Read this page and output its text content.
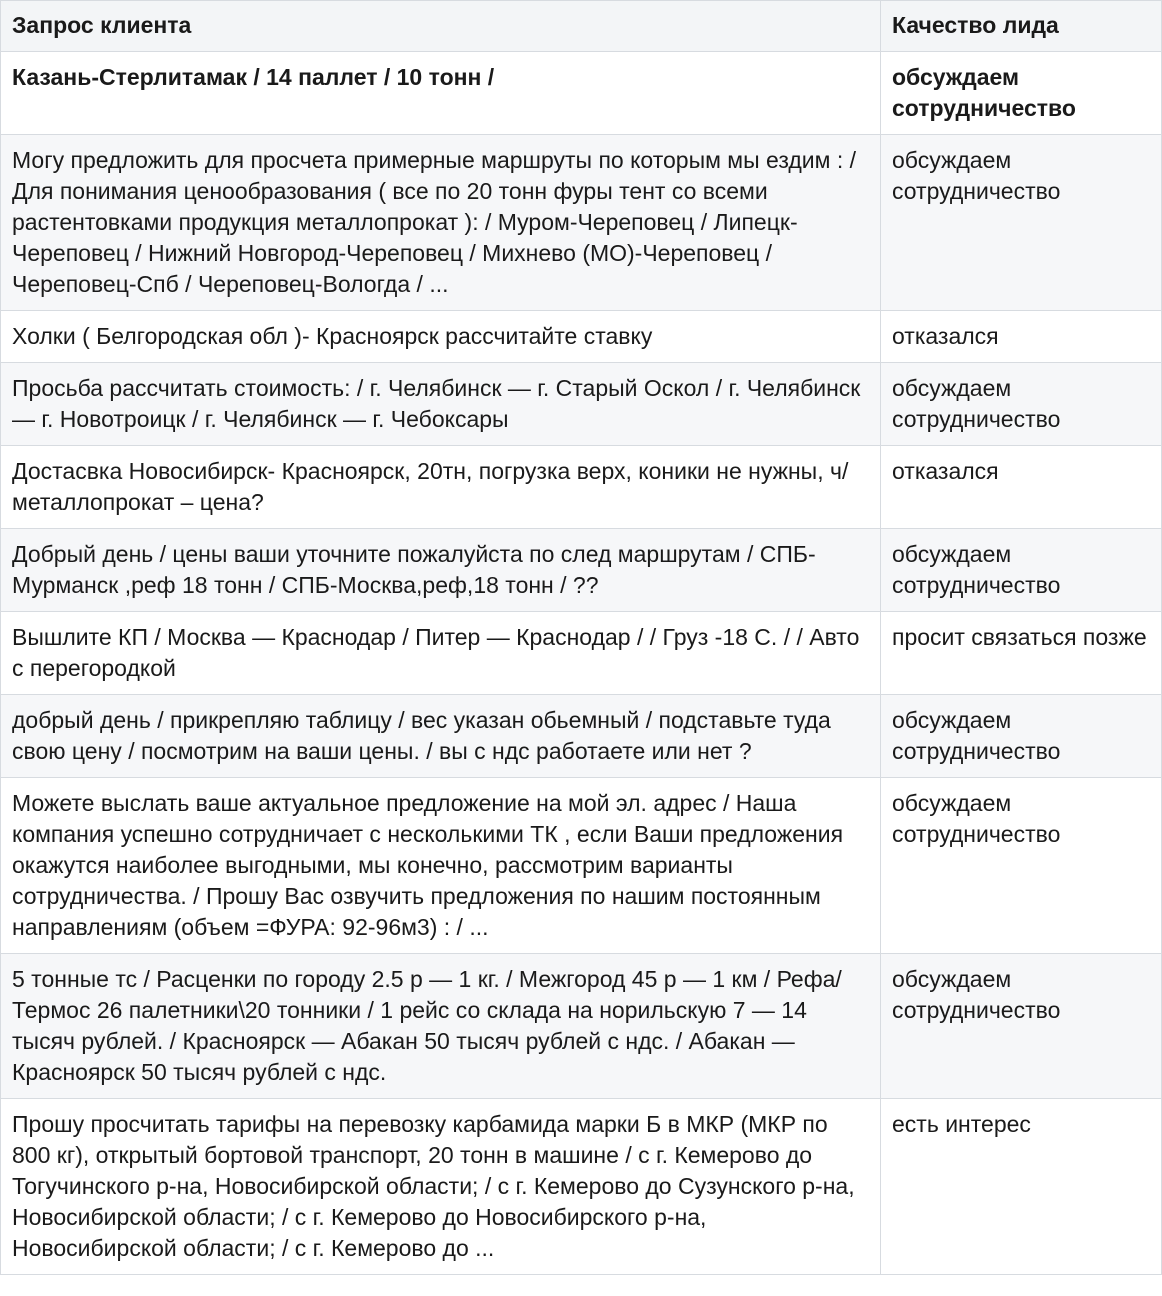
Запрос клиента	Качество лида
Казань-Стерлитамак / 14 паллет / 10 тонн /	обсуждаем сотрудничество
Могу предложить для просчета примерные маршруты по которым мы ездим : / Для понимания ценообразования ( все по 20 тонн фуры тент со всеми растентовками продукция металлопрокат ): / Муром-Череповец / Липецк-Череповец / Нижний Новгород-Череповец / Михнево (МО)-Череповец / Череповец-Спб / Череповец-Вологда / ...	обсуждаем сотрудничество
Холки ( Белгородская обл )- Красноярск рассчитайте ставку	отказался
Просьба рассчитать стоимость: / г. Челябинск — г. Старый Оскол / г. Челябинск — г. Новотроицк / г. Челябинск — г. Чебоксары	обсуждаем сотрудничество
Достасвка Новосибирск- Красноярск, 20тн, погрузка верх, коники не нужны, ч/металлопрокат – цена?	отказался
Добрый день / цены ваши уточните пожалуйста по след маршрутам / СПБ-Мурманск ,реф 18 тонн / СПБ-Москва,реф,18 тонн / ??	обсуждаем сотрудничество
Вышлите КП / Москва — Краснодар / Питер — Краснодар / / Груз -18 С. / / Авто с перегородкой	просит связаться позже
добрый день / прикрепляю таблицу / вес указан обьемный / подставьте туда свою цену / посмотрим на ваши цены. / вы с ндс работаете или нет ?	обсуждаем сотрудничество
Можете выслать ваше актуальное предложение на мой эл. адрес / Наша компания успешно сотрудничает с несколькими ТК , если Ваши предложения окажутся наиболее выгодными, мы конечно, рассмотрим варианты сотрудничества. / Прошу Вас озвучить предложения по нашим постоянным направлениям (объем =ФУРА: 92-96м3) : / ...	обсуждаем сотрудничество
5 тонные тс / Расценки по городу 2.5 р — 1 кг. / Межгород 45 р — 1 км / Рефа/Термос 26 палетники\20 тонники / 1 рейс со склада на норильскую 7 — 14 тысяч рублей. / Красноярск — Абакан 50 тысяч рублей с ндс. / Абакан — Красноярск 50 тысяч рублей с ндс.	обсуждаем сотрудничество
Прошу просчитать тарифы на перевозку карбамида марки Б в МКР (МКР по 800 кг), открытый бортовой транспорт, 20 тонн в машине / с г. Кемерово до Тогучинского р-на, Новосибирской области; / с г. Кемерово до Сузунского р-на, Новосибирской области; / с г. Кемерово до Новосибирского р-на, Новосибирской области; / с г. Кемерово до ...	есть интерес
